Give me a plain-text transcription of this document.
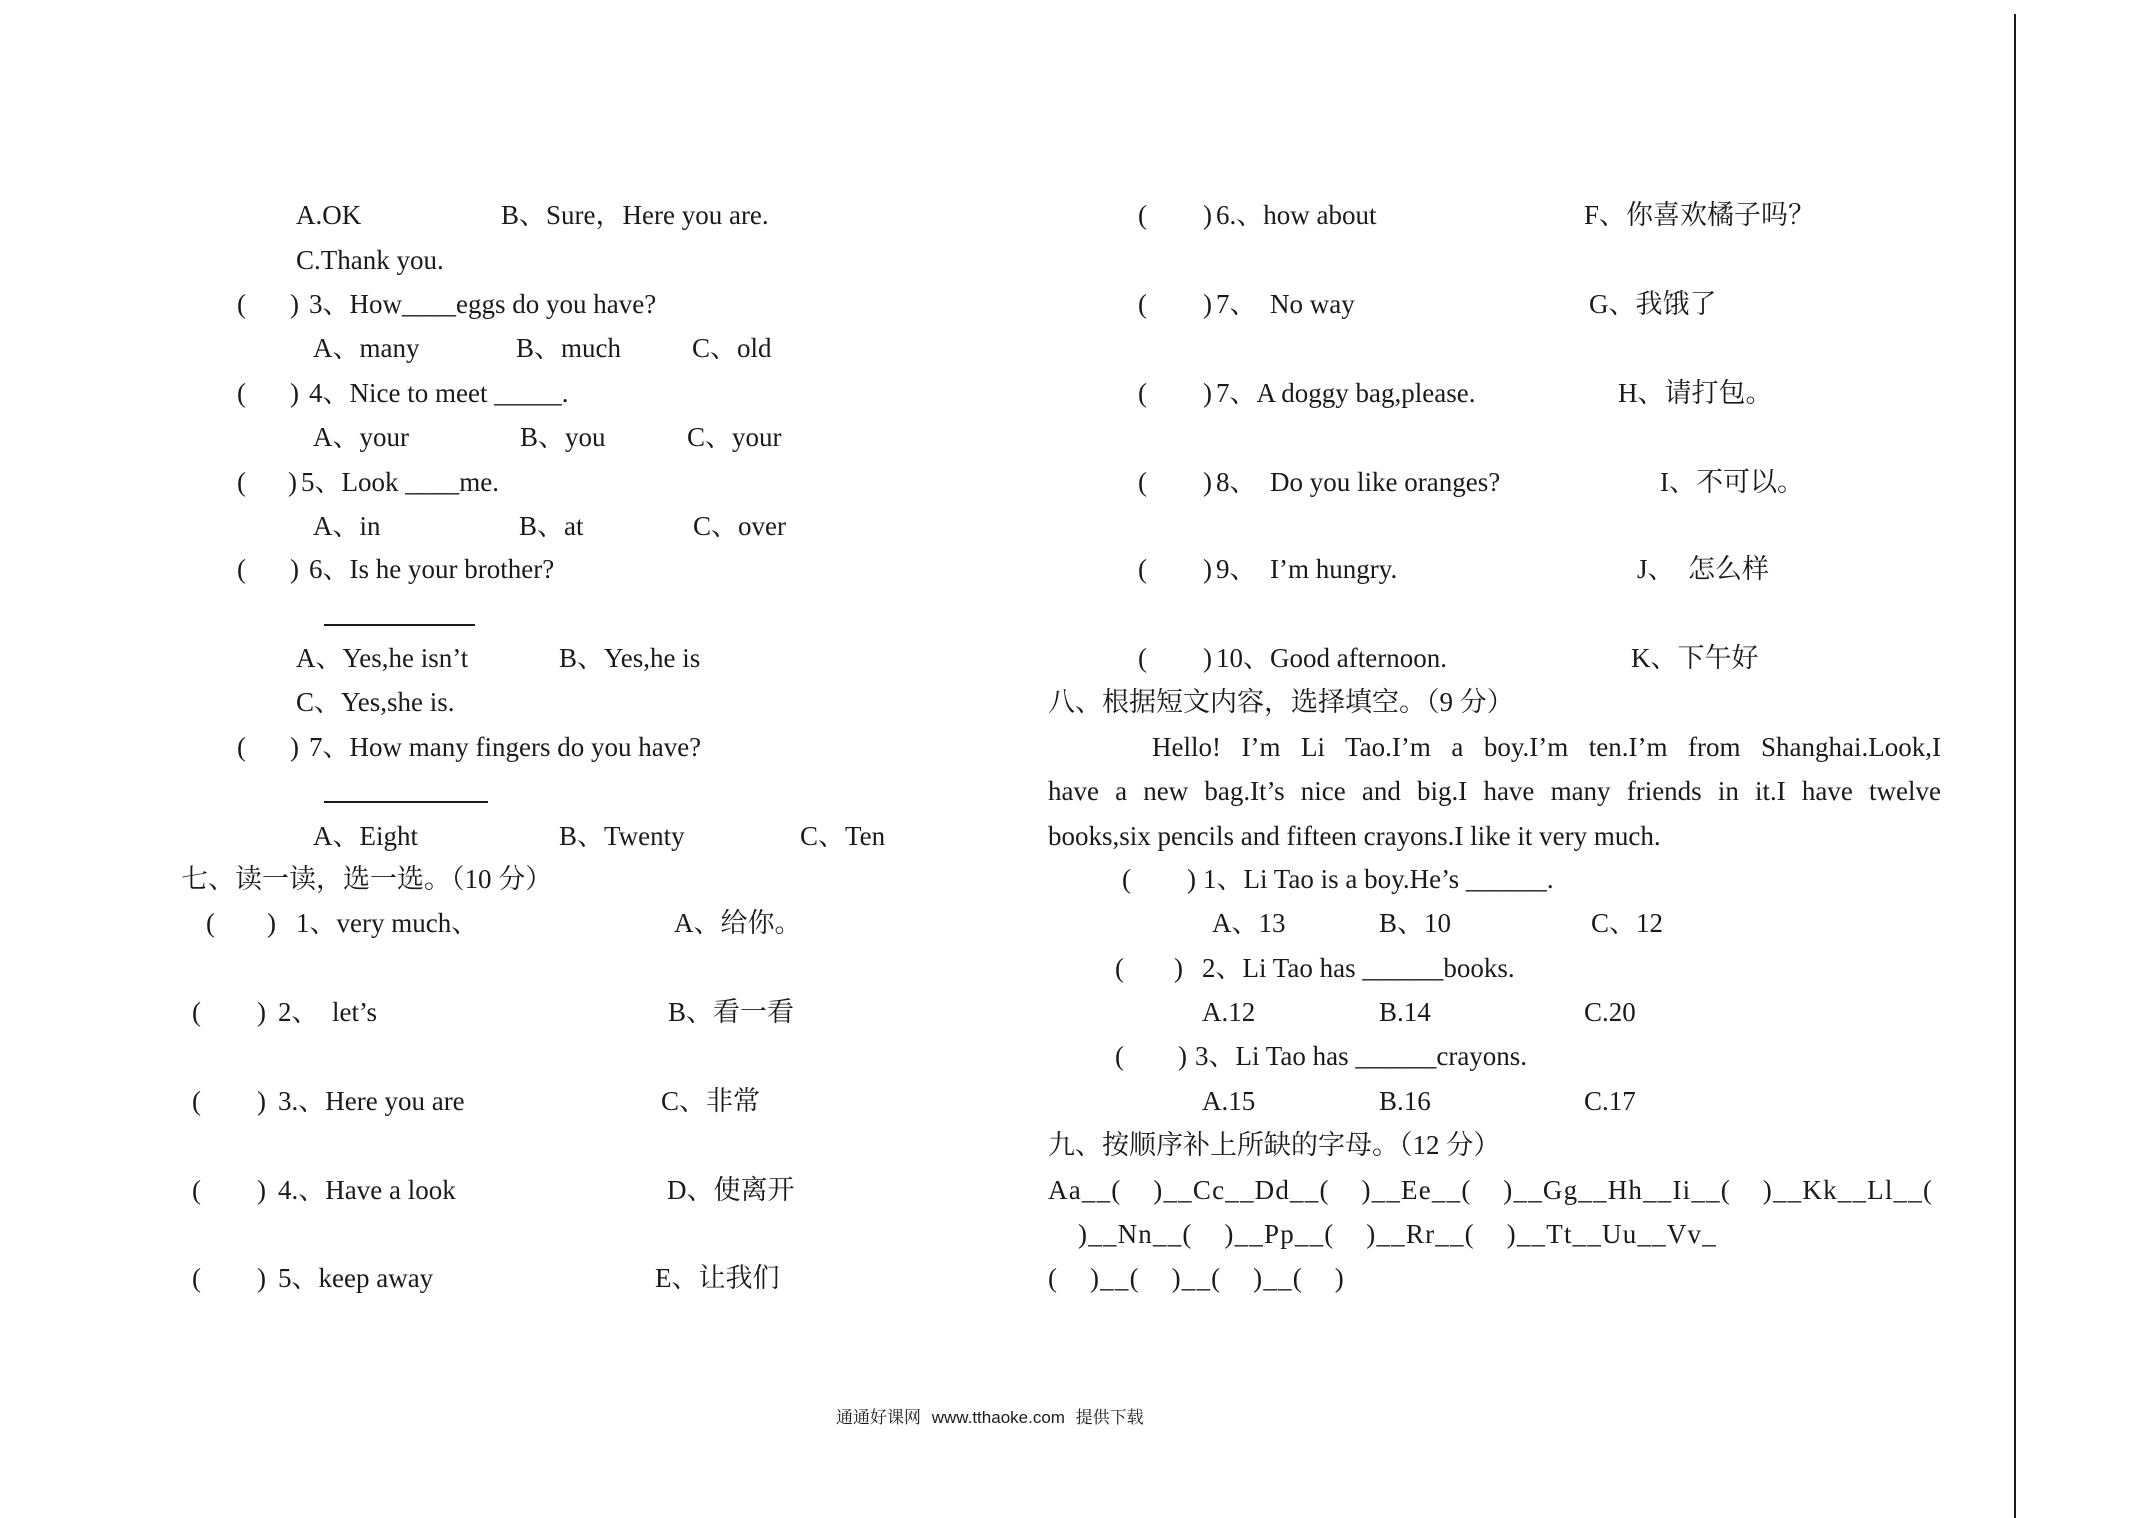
A.OK	B、Sure，Here you are.
C.Thank you.
( ) 3、How____eggs do you have?
A、many	B、much	C、old
( ) 4、Nice to meet _____.
A、your	B、you	C、your
( ) 5、Look ____me.
A、in	B、at	C、over
( ) 6、Is he your brother?
A、Yes,he isn’t	B、Yes,he is
C、Yes,she is.
( ) 7、How many fingers do you have?
A、Eight	B、Twenty	C、Ten
七、读一读，选一选。（10 分）
( ) 1、very much、	A、给你。
( ) 2、  let’s	B、看一看
( ) 3.、Here you are	C、非常
( ) 4.、Have a look	D、使离开
( ) 5、keep away	E、让我们
( ) 6.、how about	F、你喜欢橘子吗？
( ) 7、  No way	G、我饿了
( ) 7、A doggy bag,please.	H、请打包。
( ) 8、  Do you like oranges?	I、不可以。
( ) 9、  I’m hungry.	J、  怎么样
( ) 10、Good afternoon.	K、下午好
八、根据短文内容，选择填空。（9 分）
Hello! I’m Li Tao.I’m a boy.I’m ten.I’m from Shanghai.Look,I
have a new bag.It’s nice and big.I have many friends in it.I have twelve
books,six pencils and fifteen crayons.I like it very much.
( ) 1、Li Tao is a boy.He’s ______.
A、13	B、10	C、12
( ) 2、Li Tao has ______books.
A.12	B.14	C.20
( ) 3、Li Tao has ______crayons.
A.15	B.16	C.17
九、按顺序补上所缺的字母。（12 分）
Aa__(    )__Cc__Dd__(    )__Ee__(    )__Gg__Hh__Ii__(    )__Kk__Ll__(
)__Nn__(    )__Pp__(    )__Rr__(    )__Tt__Uu__Vv_
(    )__(    )__(    )__(    )
通通好课网 www.tthaoke.com 提供下载
